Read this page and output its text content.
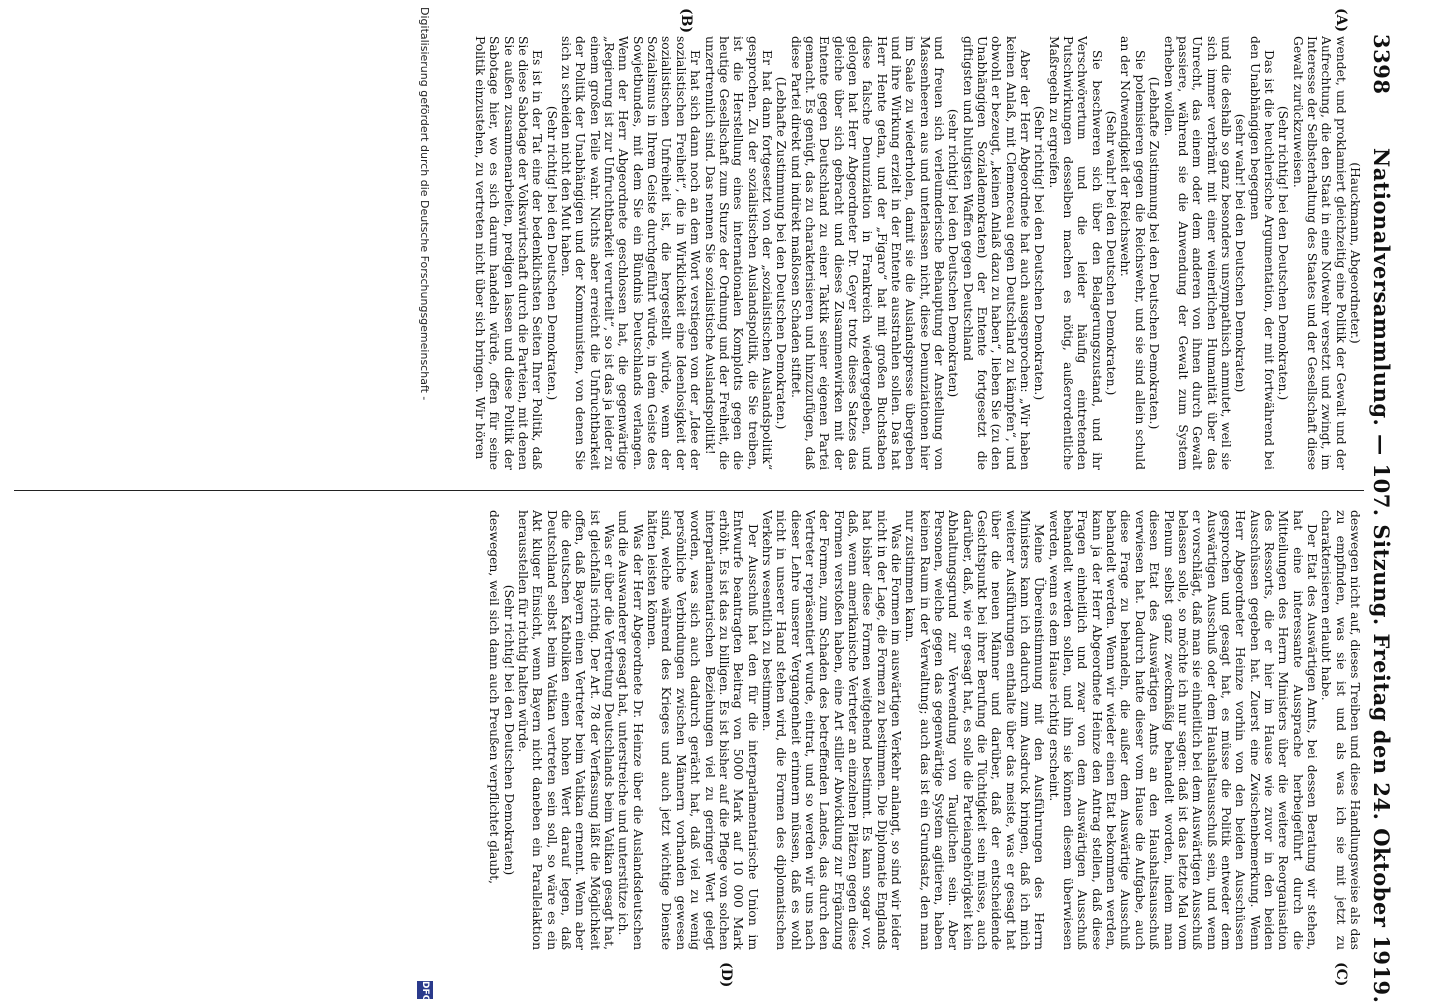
3398
Nationalversammlung. — 107. Sitzung. Freitag den 24. Oktober 1919.
(A)
(B)
(C)
(D)

(Hauckmann, Abgeordneter.)

wendet, und proklamiert gleichzeitig eine Politik der Gewalt und der Aufrechtung, die den Staat in eine Notwehr versetzt und zwingt, im Interesse der Selbsterhaltung des Staates und der Gesellschaft diese Gewalt zurückzuweisen.

(Sehr richtig! bei den Deutschen Demokraten.)

Das ist die heuchlerische Argumentation, der mit fortwährend bei den Unabhängigen begegnen

(sehr wahr! bei den Deutschen Demokraten)

und die deshalb so ganz besonders unsympathisch anmutet, weil sie sich immer verbrämt mit einer weinerlichen Humanität über das Unrecht, das einem oder dem anderen von ihnen durch Gewalt passiere, während sie die Anwendung der Gewalt zum System erheben wollen.

(Lebhafte Zustimmung bei den Deutschen Demokraten.)

Sie polemisieren gegen die Reichswehr, und sie sind allein schuld an der Notwendigkeit der Reichswehr.

(Sehr wahr! bei den Deutschen Demokraten.)

Sie beschweren sich über den Belagerungszustand, und ihr Verschwörertum und die leider häufig eintretenden Putschwirkungen desselben machen es nötig, außerordentliche Maßregeln zu ergreifen.

(Sehr richtig! bei den Deutschen Demokraten.)

Aber der Herr Abgeordnete hat auch ausgesprochen: „Wir haben keinen Anlaß, mit Clemenceau gegen Deutschland zu kämpfen“, und obwohl er bezeugt, „keinen Anlaß dazu zu haben“, lieben Sie (zu den Unabhängigen Sozialdemokraten) der Entente fortgesetzt die giftigsten und blutigsten Waffen gegen Deutschland

(sehr richtig! bei den Deutschen Demokraten)

und freuen sich verleumderische Behauptung der Anstellung von Massenheeren aus und unterlassen nicht, diese Denunziationen hier im Saale zu wiederholen, damit sie die Auslandspresse übergeben und ihre Wirkung erzielt in der Entente ausstrahlen sollen. Das hat Herr Hente getan, und der „Figaro“ hat mit großen Buchstaben diese falsche Denunziation in Frankreich wiedergegeben, und gelogen hat Herr Abgeordneter Dr. Geyer trotz dieses Satzes das gleiche über sich gebracht und dieses Zusammenwirken mit der Entente gegen Deutschland zu einer Taktik seiner eigenen Partei gemacht. Es genügt, das zu charakterisieren und hinzuzufügen, daß diese Partei direkt und indirekt maßlosen Schaden stiftet.

(Lebhafte Zustimmung bei den Deutschen Demokraten.)

Er hat dann fortgesetzt von der „sozialistischen Auslandspolitik“ gesprochen. Zu der sozialistischen Auslandspolitik, die Sie treiben, ist die Herstellung eines internationalen Komplotts gegen die heutige Gesellschaft zum Sturze der Ordnung und der Freiheit, die unzertrennlich sind. Das nennen Sie sozialistische Auslandspolitik!

Er hat sich dann noch an dem Wort verstiegen von der „Idee der sozialistischen Freiheit“, die in Wirklichkeit eine Ideenlosigkeit der sozialistischen Unfreiheit ist, die hergestellt würde, wenn der Sozialismus in Ihrem Geiste durchgeführt würde, in dem Geiste des Sowjetbundes, mit dem Sie ein Bündnis Deutschlands verlangen. Wenn der Herr Abgeordnete geschlossen hat, die gegenwärtige „Regierung ist zur Unfruchtbarkeit verurteilt“, so ist das ja leider zu einem großen Teile wahr. Nichts aber erreicht die Unfruchtbarkeit der Politik der Unabhängigen und der Kommunisten, von denen Sie sich zu scheiden nicht den Mut haben.

(Sehr richtig! bei den Deutschen Demokraten.)

Es ist in der Tat eine der bedenklichsten Seiten Ihrer Politik, daß Sie diese Sabotage der Volkswirtschaft durch die Parteien, mit denen Sie außen zusammenarbeiten, predigen lassen und diese Politik der Sabotage hier, wo es sich darum handeln würde, offen für seine Politik einzustehen, zu vertreten nicht über sich bringen. Wir hören

deswegen nicht auf, dieses Treiben und diese Handlungsweise als das zu empfinden, was sie ist und als was ich sie mit jetzt zu charakterisieren erlaubt habe.

Der Etat des Auswärtigen Amts, bei dessen Beratung wir stehen, hat eine interessante Aussprache herbeigeführt durch die Mitteilungen des Herrn Ministers über die weitere Reorganisation des Ressorts, die er hier im Hause wie zuvor in den beiden Ausschüssen gegeben hat. Zuerst eine Zwischenbemerkung. Wenn Herr Abgeordneter Heinze vorhin von den beiden Ausschüssen gesprochen und gesagt hat, es müsse die Politik entweder dem Auswärtigen Ausschuß oder dem Haushaltsausschuß sein, und wenn er vorschlägt, daß man sie einheitlich bei dem Auswärtigen Ausschuß belassen solle, so möchte ich nur sagen: daß ist das letzte Mal vom Plenum selbst ganz zweckmäßig behandelt worden, indem man diesen Etat des Auswärtigen Amts an den Haushaltsausschuß verwiesen hat. Dadurch hatte dieser vom Hause die Aufgabe, auch diese Frage zu behandeln, die außer dem Auswärtige Ausschuß behandelt werden. Wenn wir wieder einen Etat bekommen werden, kann ja der Herr Abgeordnete Heinze den Antrag stellen, daß diese Fragen einheitlich und zwar von dem Auswärtigen Ausschuß behandelt werden sollen, und ihn sie können diesem überwiesen werden, wenn es dem Hause richtig erscheint.

Meine Übereinstimmung mit den Ausführungen des Herrn Ministers kann ich dadurch zum Ausdruck bringen, daß ich mich weiterer Ausführungen enthalte über das meiste, was er gesagt hat über die neuen Männer und darüber, daß der entscheidende Gesichtspunkt bei ihrer Berufung die Tüchtigkeit sein müsse, auch darüber, daß, wie er gesagt hat, es solle die Parteiangehörigkeit kein Abhaltungsgrund zur Verwendung von Tauglichen sein. Aber Personen, welche gegen das gegenwärtige System agitieren, haben keinen Raum in der Verwaltung; auch das ist ein Grundsatz, den man nur zustimmen kann.

Was die Formen im auswärtigen Verkehr anlangt, so sind wir leider nicht in der Lage, die Formen zu bestimmen. Die Diplomatie Englands hat bisher diese Formen weitgehend bestimmt. Es kann sogar vor, daß, wenn amerikanische Vertreter an einzelnen Plätzen gegen diese Formen verstoßen haben, eine Art stiller Abwicklung zur Ergänzung der Formen, zum Schaden des betreffenden Landes, das durch den Vertreter repräsentiert wurde, eintrat, und so werden wir uns nach dieser Lehre unserer Vergangenheit erinnern müssen, daß es wohl nicht in unserer Hand stehen wird, die Formen des diplomatischen Verkehrs wesentlich zu bestimmen.

Der Ausschuß hat den für die interparlamentarische Union im Entwurfe beantragten Beitrag von 5000 Mark auf 10 000 Mark erhöht. Es ist das zu billigen. Es ist bisher auf die Pflege von solchen interparlamentarischen Beziehungen viel zu geringer Wert gelegt worden, was sich auch dadurch gerächt hat, daß viel zu wenig persönliche Verbindungen zwischen Männern vorhanden gewesen sind, welche während des Krieges und auch jetzt wichtige Dienste hätten leisten können.

Was der Herr Abgeordnete Dr. Heinze über die Auslandsdeutschen und die Auswanderer gesagt hat, unterstreiche und unterstütze ich.

Was er über die Vertretung Deutschlands beim Vatikan gesagt hat, ist gleichfalls richtig. Der Art. 78 der Verfassung läßt die Möglichkeit offen, daß Bayern einen Vertreter beim Vatikan ernennt. Wenn aber die deutschen Katholiken einen hohen Wert darauf legen, daß Deutschland selbst beim Vatikan vertreten sein soll, so wäre es ein Akt kluger Einsicht, wenn Bayern nicht daneben ein Parallelaktion herausstellen für richtig halten würde.

(Sehr richtig! bei den Deutschen Demokraten)

deswegen, weil sich dann auch Preußen verpflichtet glaubt,

Digitalisierung gefördert durch die Deutsche Forschungsgemeinschaft -
DFG
